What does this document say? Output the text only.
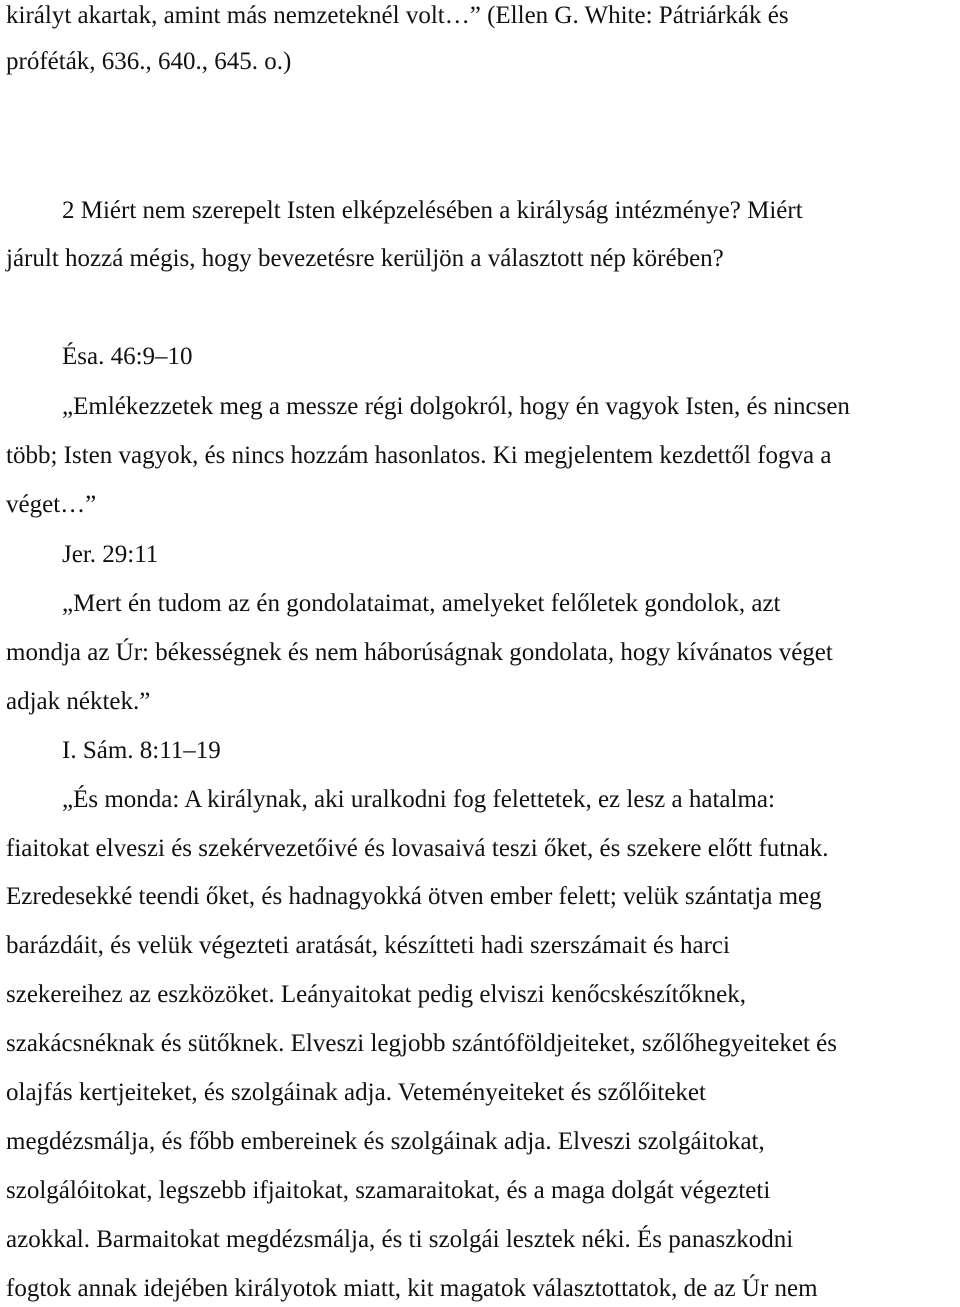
királyt akartak, amint más nemzeteknél volt…” (Ellen G. White: Pátriárkák és
próféták, 636., 640., 645. o.)
2 Miért nem szerepelt Isten elképzelésében a királyság intézménye? Miért
járult hozzá mégis, hogy bevezetésre kerüljön a választott nép körében?
Ésa. 46:9–10
„Emlékezzetek meg a messze régi dolgokról, hogy én vagyok Isten, és nincsen
több; Isten vagyok, és nincs hozzám hasonlatos. Ki megjelentem kezdettől fogva a
véget…”
Jer. 29:11
„Mert én tudom az én gondolataimat, amelyeket felőletek gondolok, azt
mondja az Úr: békességnek és nem háborúságnak gondolata, hogy kívánatos véget
adjak néktek.”
I. Sám. 8:11–19
„És monda: A királynak, aki uralkodni fog felettetek, ez lesz a hatalma:
fiaitokat elveszi és szekérvezetőivé és lovasaivá teszi őket, és szekere előtt futnak.
Ezredesekké teendi őket, és hadnagyokká ötven ember felett; velük szántatja meg
barázdáit, és velük végezteti aratását, készítteti hadi szerszámait és harci
szekereihez az eszközöket. Leányaitokat pedig elviszi kenőcskészítőknek,
szakácsnéknak és sütőknek. Elveszi legjobb szántóföldjeiteket, szőlőhegyeiteket és
olajfás kertjeiteket, és szolgáinak adja. Veteményeiteket és szőlőiteket
megdézsmálja, és főbb embereinek és szolgáinak adja. Elveszi szolgáitokat,
szolgálóitokat, legszebb ifjaitokat, szamaraitokat, és a maga dolgát végezteti
azokkal. Barmaitokat megdézsmálja, és ti szolgái lesztek néki. És panaszkodni
fogtok annak idejében királyotok miatt, kit magatok választottatok, de az Úr nem
